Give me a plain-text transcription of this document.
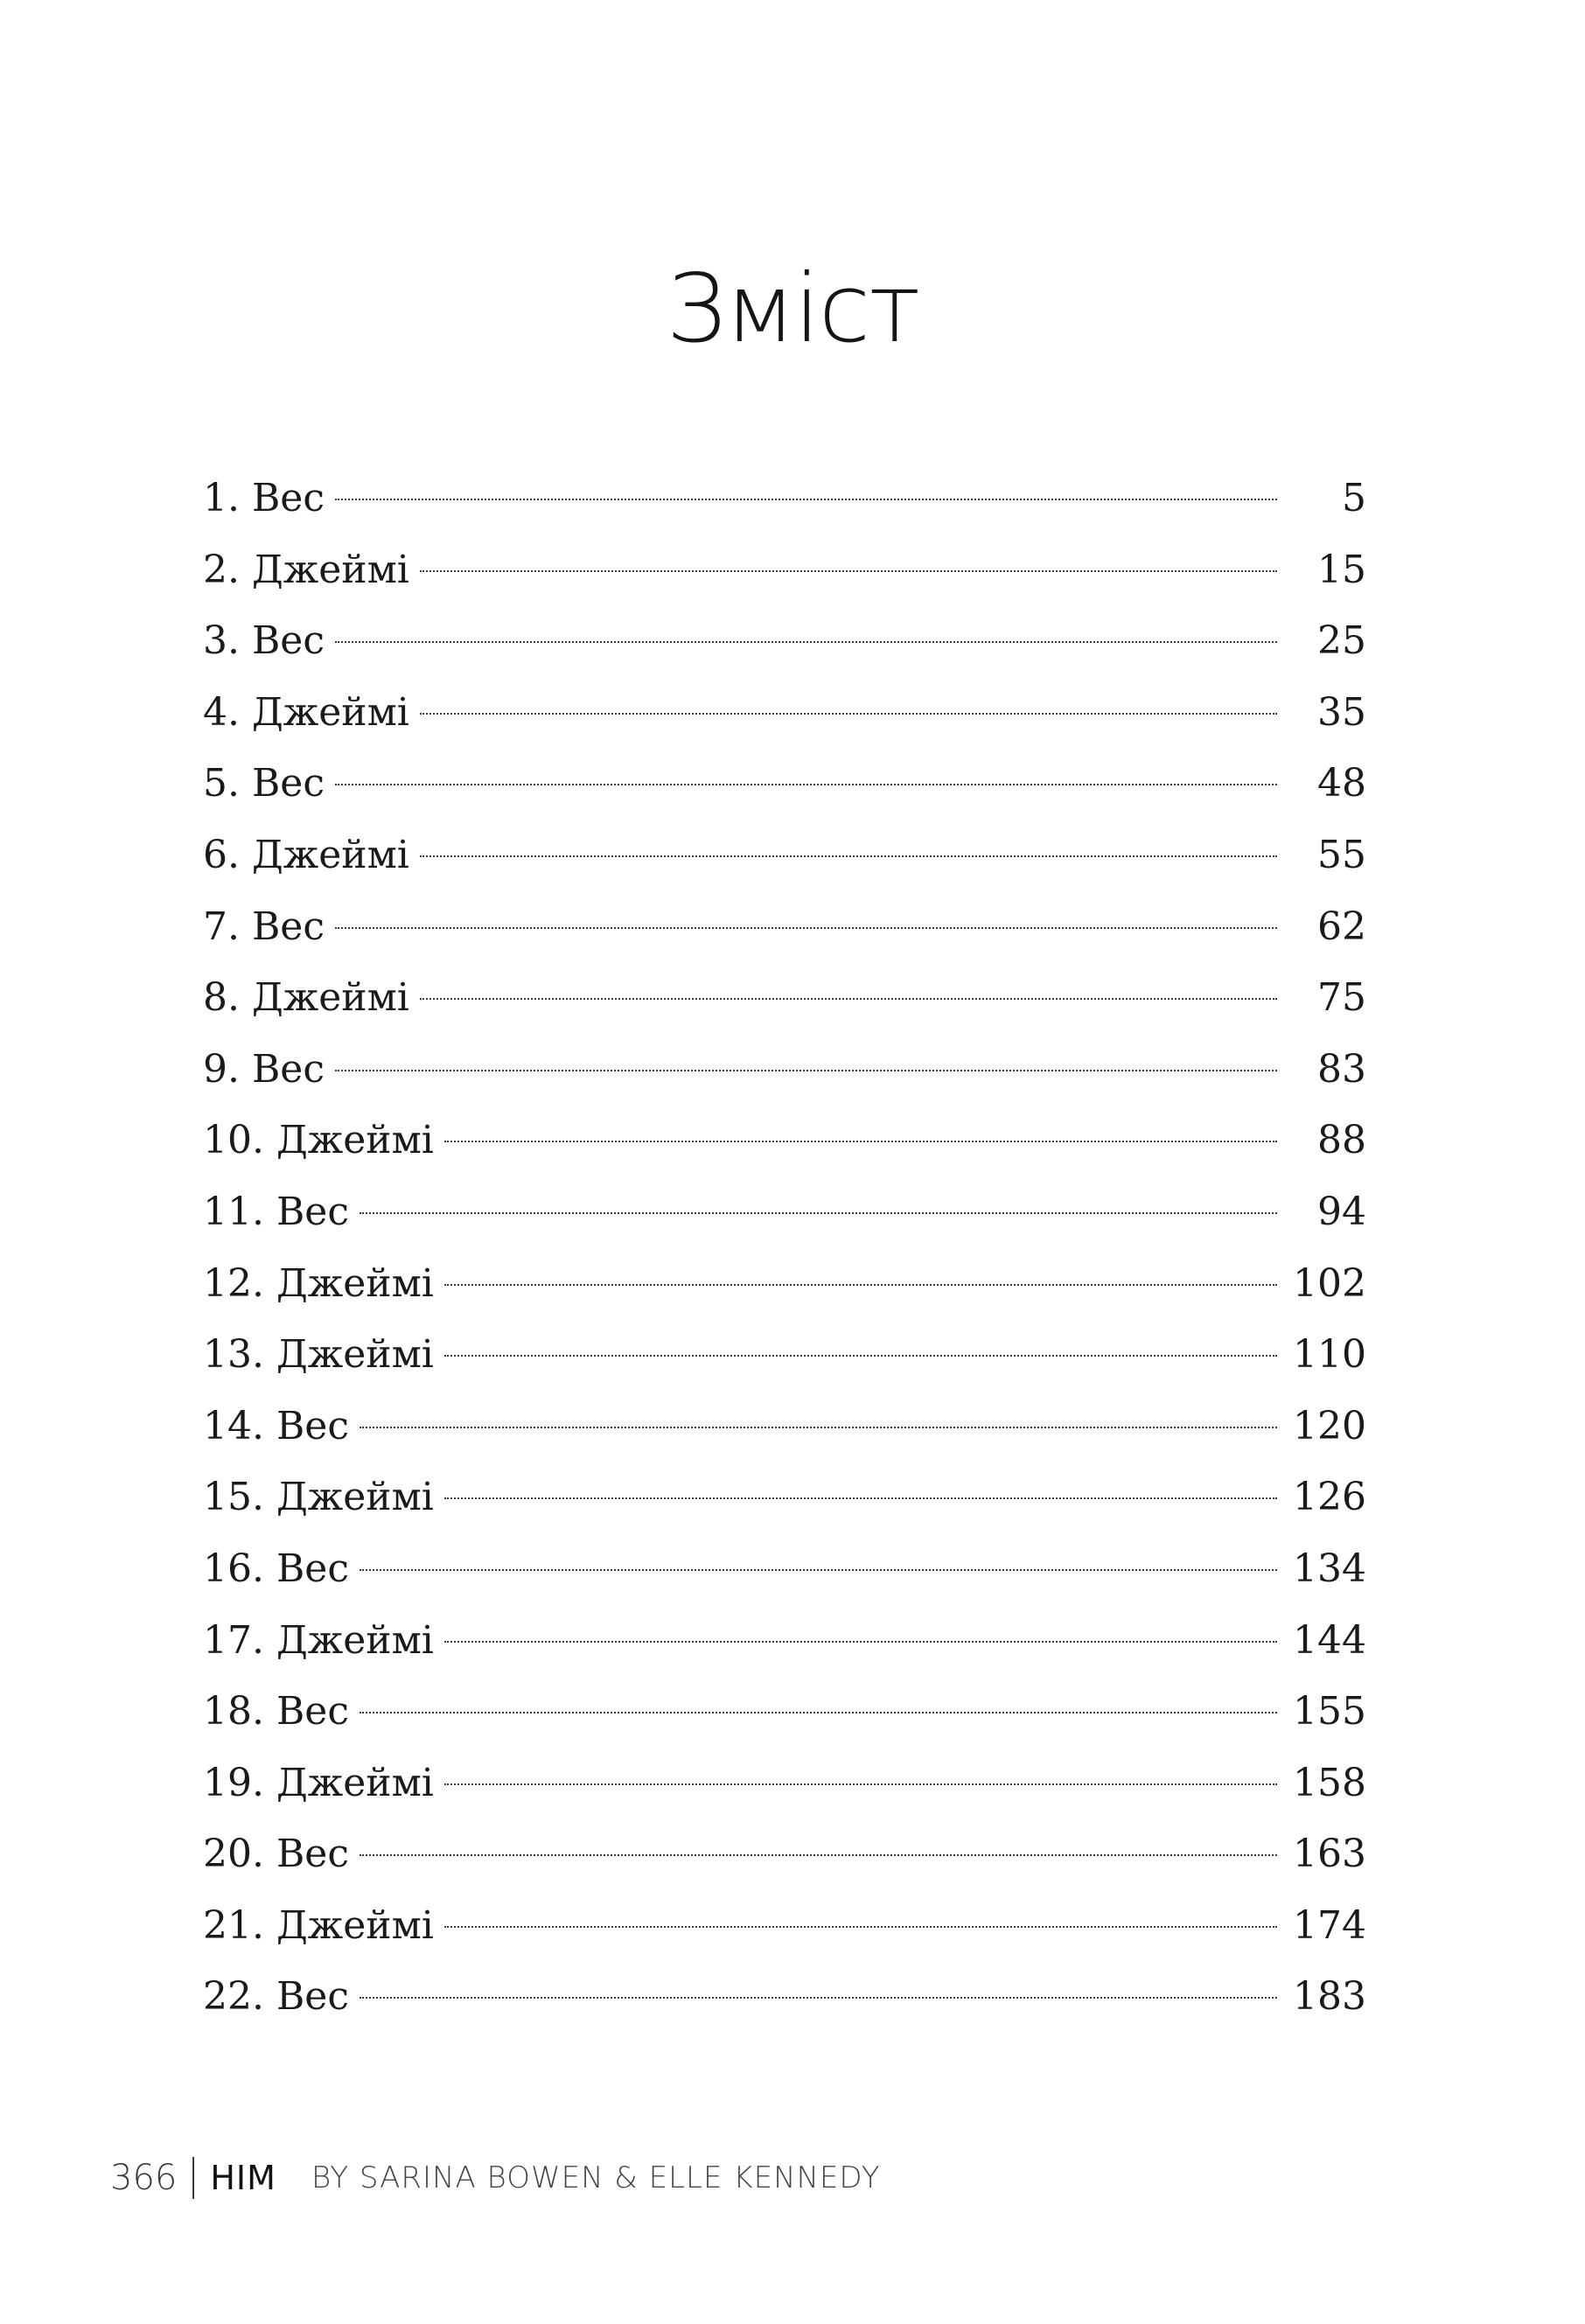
Зміст
1. Вес	5
2. Джеймі	15
3. Вес	25
4. Джеймі	35
5. Вес	48
6. Джеймі	55
7. Вес	62
8. Джеймі	75
9. Вес	83
10. Джеймі	88
11. Вес	94
12. Джеймі	102
13. Джеймі	110
14. Вес	120
15. Джеймі	126
16. Вес	134
17. Джеймі	144
18. Вес	155
19. Джеймі	158
20. Вес	163
21. Джеймі	174
22. Вес	183
366 HIM BY SARINA BOWEN & ELLE KENNEDY
